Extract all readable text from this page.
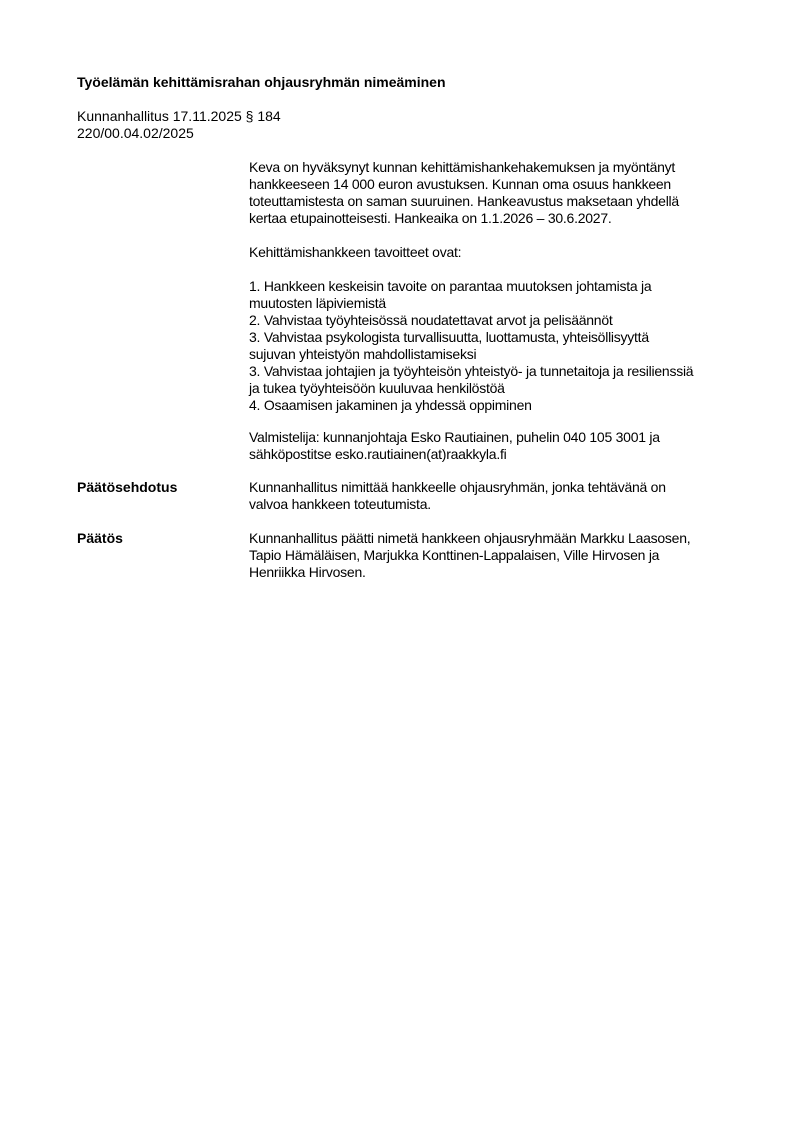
Työelämän kehittämisrahan ohjausryhmän nimeäminen
Kunnanhallitus 17.11.2025 § 184
220/00.04.02/2025
Keva on hyväksynyt kunnan kehittämishankehakemuksen ja myöntänyt
hankkeeseen 14 000 euron avustuksen. Kunnan oma osuus hankkeen
toteuttamistesta on saman suuruinen. Hankeavustus maksetaan yhdellä
kertaa etupainotteisesti. Hankeaika on 1.1.2026 – 30.6.2027.
Kehittämishankkeen tavoitteet ovat:
1. Hankkeen keskeisin tavoite on parantaa muutoksen johtamista ja
muutosten läpiviemistä
2. Vahvistaa työyhteisössä noudatettavat arvot ja pelisäännöt
3. Vahvistaa psykologista turvallisuutta, luottamusta, yhteisöllisyyttä
sujuvan yhteistyön mahdollistamiseksi
3. Vahvistaa johtajien ja työyhteisön yhteistyö- ja tunnetaitoja ja resilienssiä
ja tukea työyhteisöön kuuluvaa henkilöstöä
4. Osaamisen jakaminen ja yhdessä oppiminen
Valmistelija: kunnanjohtaja Esko Rautiainen, puhelin 040 105 3001 ja
sähköpostitse esko.rautiainen(at)raakkyla.fi
Päätösehdotus	Kunnanhallitus nimittää hankkeelle ohjausryhmän, jonka tehtävänä on
valvoa hankkeen toteutumista.
Päätös	Kunnanhallitus päätti nimetä hankkeen ohjausryhmään Markku Laasosen,
Tapio Hämäläisen, Marjukka Konttinen-Lappalaisen, Ville Hirvosen ja
Henriikka Hirvosen.
